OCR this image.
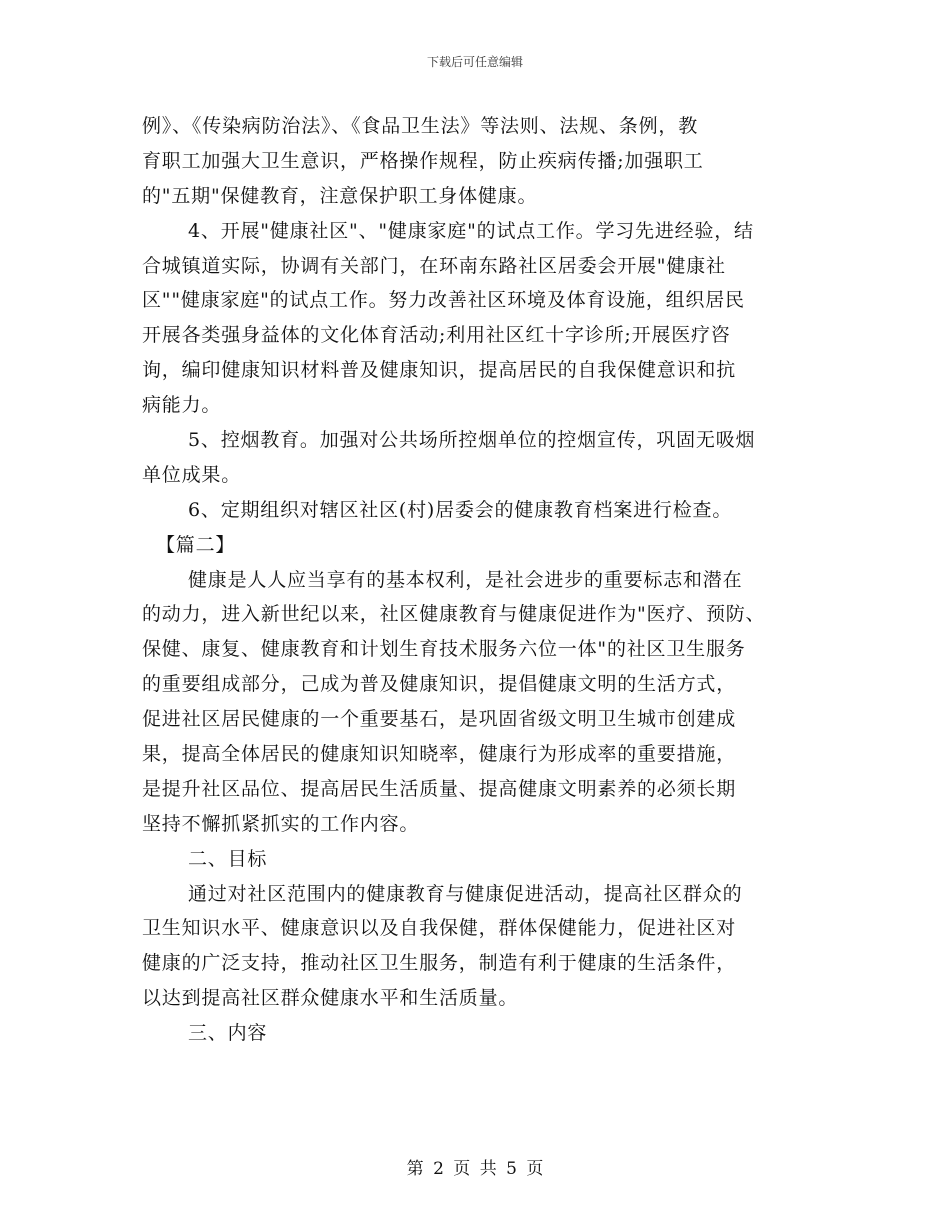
下载后可任意编辑
例》、《传染病防治法》、《食品卫生法》等法则、法规、条例，教
育职工加强大卫生意识，严格操作规程，防止疾病传播;加强职工
的"五期"保健教育，注意保护职工身体健康。
4、开展"健康社区"、"健康家庭"的试点工作。学习先进经验，结
合城镇道实际，协调有关部门，在环南东路社区居委会开展"健康社
区""健康家庭"的试点工作。努力改善社区环境及体育设施，组织居民
开展各类强身益体的文化体育活动;利用社区红十字诊所;开展医疗咨
询，编印健康知识材料普及健康知识，提高居民的自我保健意识和抗
病能力。
5、控烟教育。加强对公共场所控烟单位的控烟宣传，巩固无吸烟
单位成果。
6、定期组织对辖区社区(村)居委会的健康教育档案进行检查。
【篇二】
健康是人人应当享有的基本权利，是社会进步的重要标志和潜在
的动力，进入新世纪以来，社区健康教育与健康促进作为"医疗、预防、
保健、康复、健康教育和计划生育技术服务六位一体"的社区卫生服务
的重要组成部分，己成为普及健康知识，提倡健康文明的生活方式，
促进社区居民健康的一个重要基石，是巩固省级文明卫生城市创建成
果，提高全体居民的健康知识知晓率，健康行为形成率的重要措施，
是提升社区品位、提高居民生活质量、提高健康文明素养的必须长期
坚持不懈抓紧抓实的工作内容。
二、目标
通过对社区范围内的健康教育与健康促进活动，提高社区群众的
卫生知识水平、健康意识以及自我保健，群体保健能力，促进社区对
健康的广泛支持，推动社区卫生服务，制造有利于健康的生活条件，
以达到提高社区群众健康水平和生活质量。
三、内容
第 2 页 共 5 页
